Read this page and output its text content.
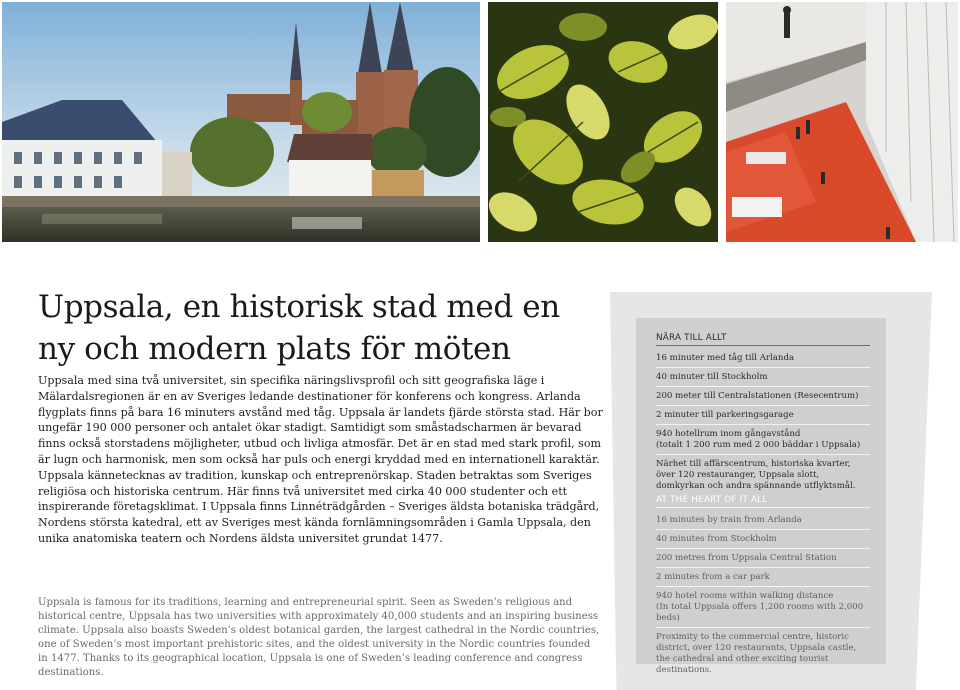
Uppsala, en historisk stad med en ny och modern plats för möten

Uppsala med sina två universitet, sin specifika näringslivsprofil och sitt geografiska läge i Mälardalsregionen är en av Sveriges ledande destinationer för konferens och kongress. Arlanda flygplats finns på bara 16 minuters avstånd med tåg. Uppsala är landets fjärde största stad. Här bor ungefär 190 000 personer och antalet ökar stadigt. Samtidigt som småstadscharmen är bevarad finns också storstadens möjligheter, utbud och livliga atmosfär. Det är en stad med stark profil, som är lugn och harmonisk, men som också har puls och energi kryddad med en internationell karaktär. Uppsala kännetecknas av tradition, kunskap och entreprenörskap. Staden betraktas som Sveriges religiösa och historiska centrum. Här finns två universitet med cirka 40 000 studenter och ett inspirerande företagsklimat. I Uppsala finns Linnéträdgården – Sveriges äldsta botaniska trädgård, Nordens största katedral, ett av Sveriges mest kända fornlämningsområden i Gamla Uppsala, den unika anatomiska teatern och Nordens äldsta universitet grundat 1477.

Uppsala is famous for its traditions, learning and entrepreneurial spirit. Seen as Sweden’s religious and historical centre, Uppsala has two universities with approximately 40,000 students and an inspiring business climate. Uppsala also boasts Sweden’s oldest botanical garden, the largest cathedral in the Nordic countries, one of Sweden’s most important prehistoric sites, and the oldest university in the Nordic countries founded in 1477. Thanks to its geographical location, Uppsala is one of Sweden’s leading conference and congress destinations.

NÄRA TILL ALLT
16 minuter med tåg till Arlanda
40 minuter till Stockholm
200 meter till Centralstationen (Resecentrum)
2 minuter till parkeringsgarage
940 hotellrum inom gångavstånd
(totalt 1 200 rum med 2 000 bäddar i Uppsala)
Närhet till affärscentrum, historiska kvarter, över 120 restauranger, Uppsala slott, domkyrkan och andra spännande utflyktsmål.
AT THE HEART OF IT ALL
16 minutes by train from Arlanda
40 minutes from Stockholm
200 metres from Uppsala Central Station
2 minutes from a car park
940 hotel rooms within walking distance
(In total Uppsala offers 1,200 rooms with 2,000 beds)
Proximity to the commercial centre, historic district, over 120 restaurants, Uppsala castle, the cathedral and other exciting tourist destinations.
